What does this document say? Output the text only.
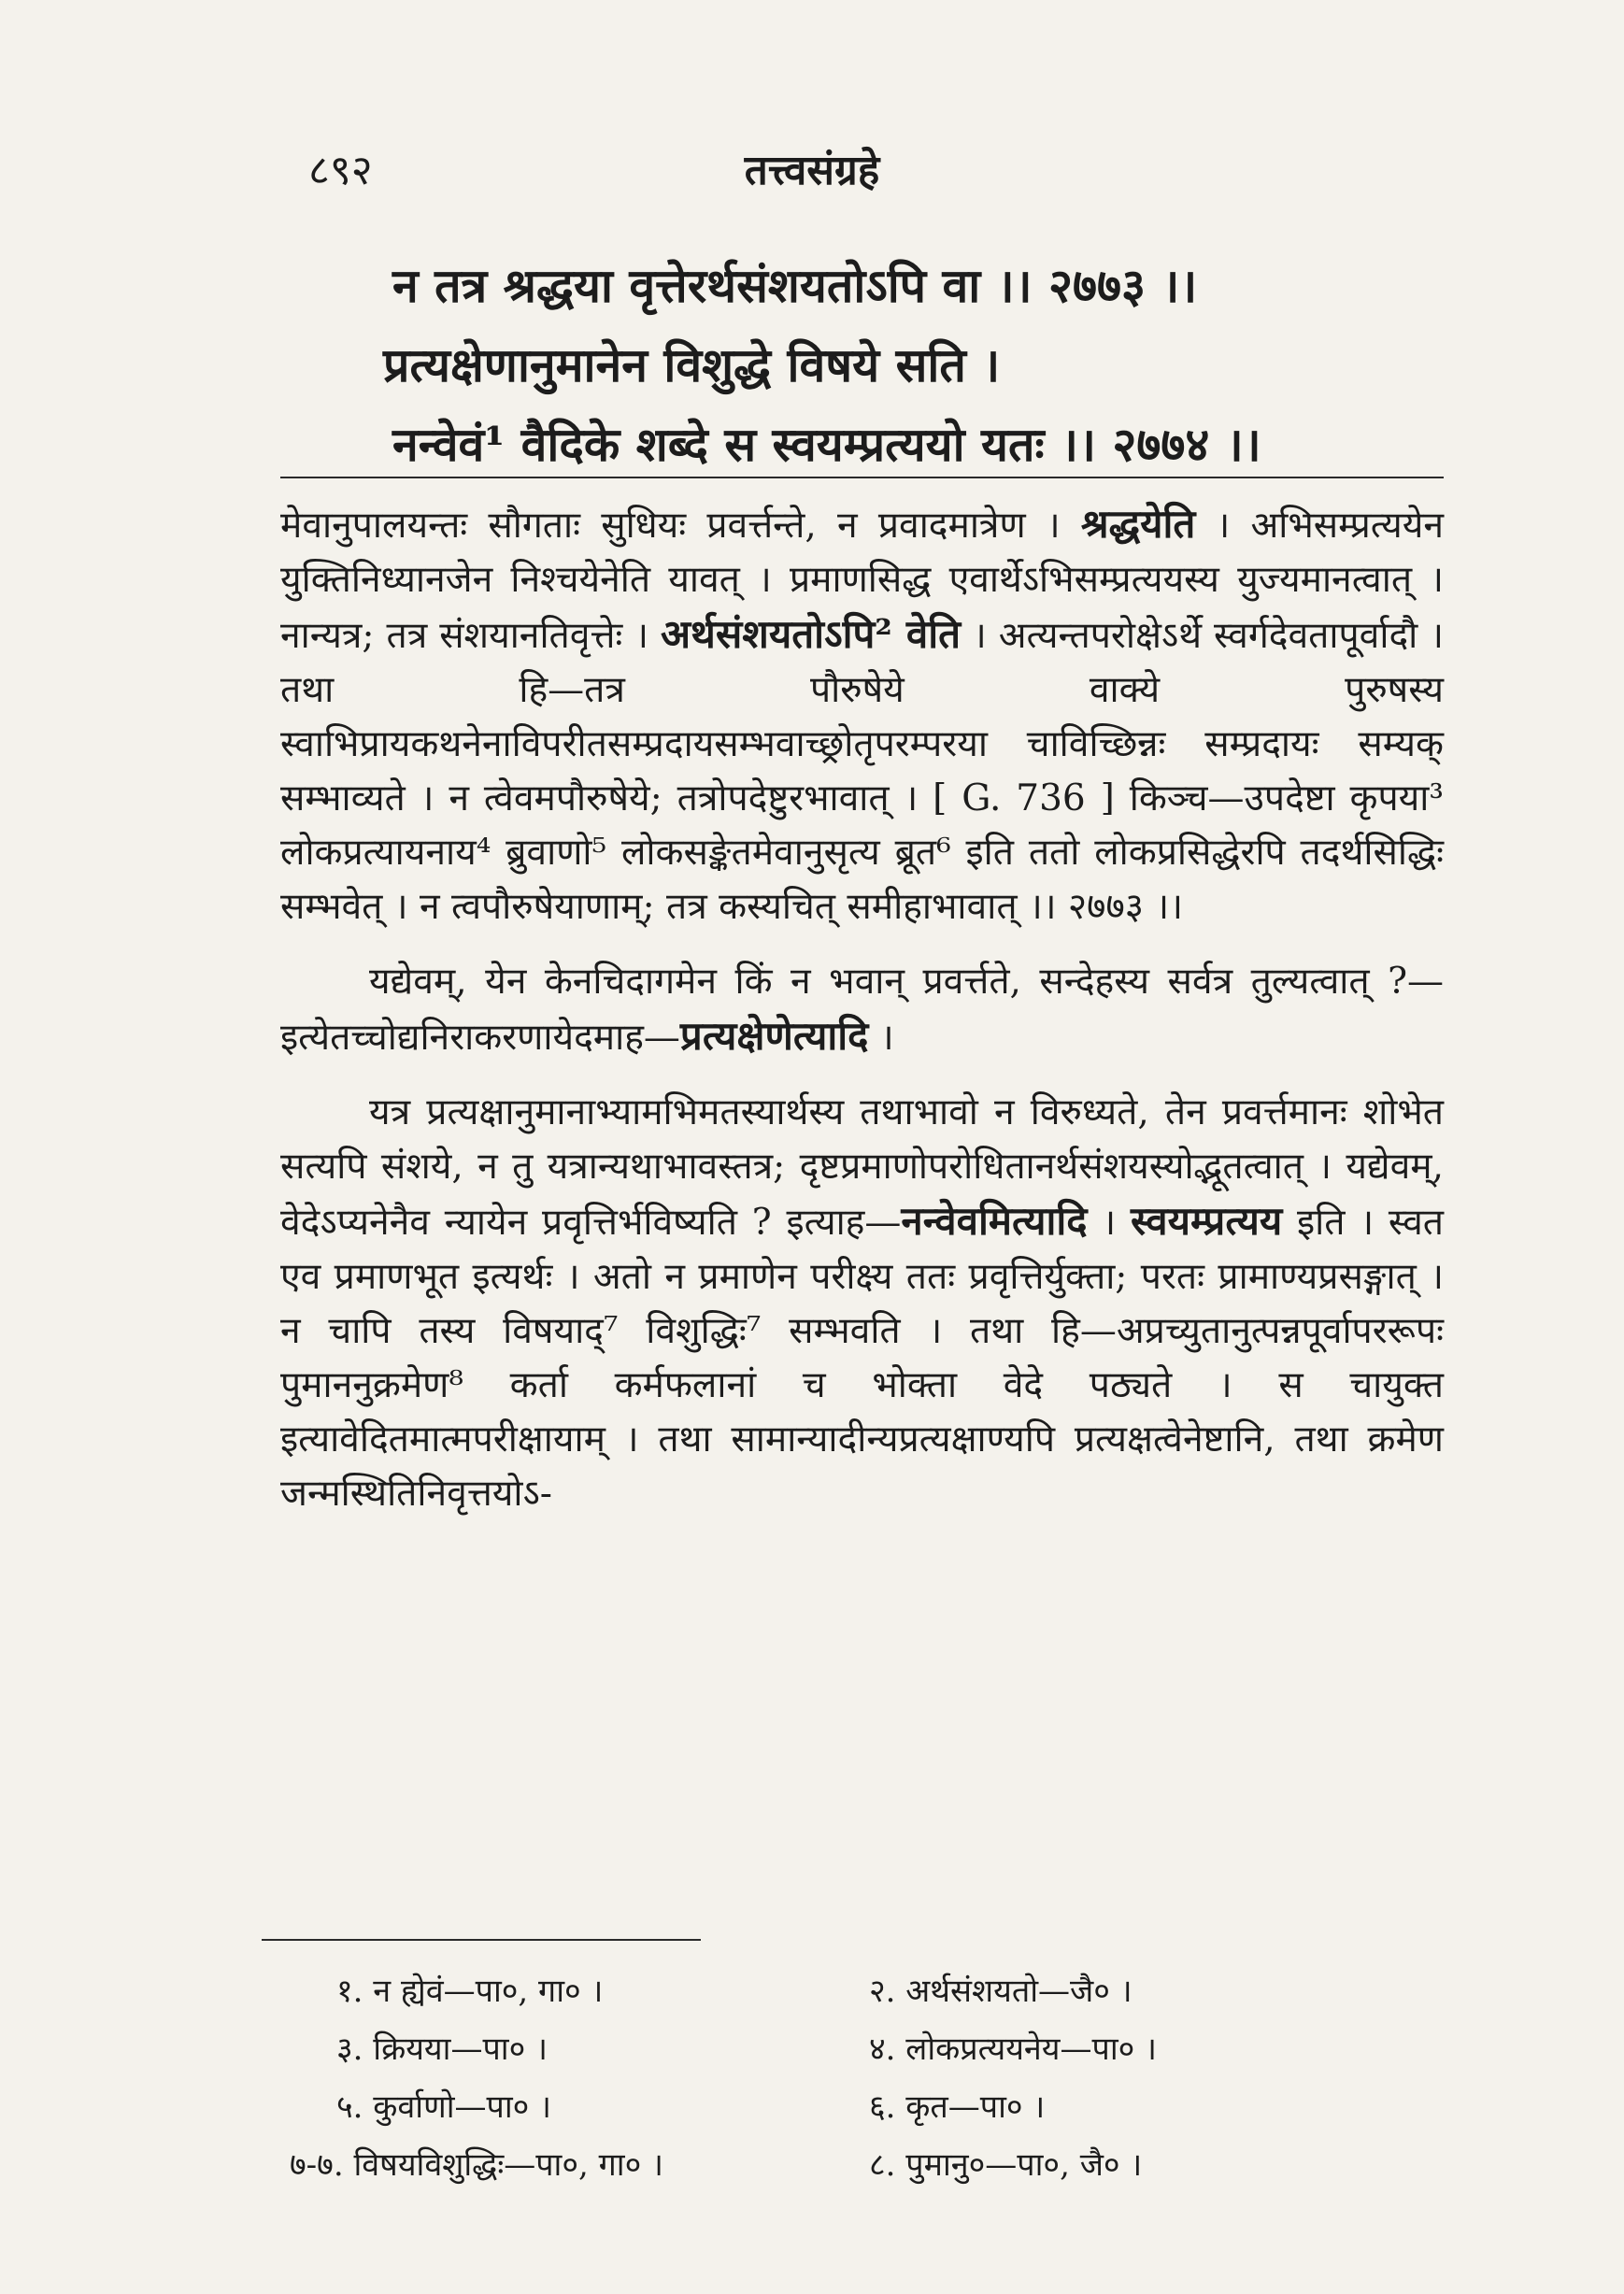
८९२	तत्त्वसंग्रहे
न तत्र श्रद्धया वृत्तेरर्थसंशयतोऽपि वा ।। २७७३ ।।
प्रत्यक्षेणानुमानेन विशुद्धे विषये सति ।
नन्वेवं¹ वैदिके शब्दे स स्वयम्प्रत्ययो यतः ।। २७७४ ।।

मेवानुपालयन्तः सौगताः सुधियः प्रवर्त्तन्ते, न प्रवादमात्रेण । श्रद्धयेति । अभिसम्प्रत्ययेन युक्तिनिध्यानजेन निश्चयेनेति यावत् । प्रमाणसिद्ध एवार्थेऽभिसम्प्रत्ययस्य युज्यमानत्वात् । नान्यत्र; तत्र संशयानतिवृत्तेः । अर्थसंशयतोऽपि² वेति । अत्यन्तपरोक्षेऽर्थे स्वर्गदेवतापूर्वादौ । तथा हि—तत्र पौरुषेये वाक्ये पुरुषस्य स्वाभिप्रायकथनेनाविपरीतसम्प्रदायसम्भवाच्छ्रोतृपरम्परया चाविच्छिन्नः सम्प्रदायः सम्यक् सम्भाव्यते । न त्वेवमपौरुषेये; तत्रोपदेष्टुरभावात् । [ G. 736 ] किञ्च—उपदेष्टा कृपया³ लोकप्रत्यायनाय⁴ ब्रुवाणो⁵ लोकसङ्केतमेवानुसृत्य ब्रूत⁶ इति ततो लोकप्रसिद्धेरपि तदर्थसिद्धिः सम्भवेत् । न त्वपौरुषेयाणाम्; तत्र कस्यचित् समीहाभावात् ।। २७७३ ।।

यद्येवम्, येन केनचिदागमेन किं न भवान् प्रवर्त्तते, सन्देहस्य सर्वत्र तुल्यत्वात् ?—इत्येतच्चोद्यनिराकरणायेदमाह—प्रत्यक्षेणेत्यादि ।

यत्र प्रत्यक्षानुमानाभ्यामभिमतस्यार्थस्य तथाभावो न विरुध्यते, तेन प्रवर्त्तमानः शोभेत सत्यपि संशये, न तु यत्रान्यथाभावस्तत्र; दृष्टप्रमाणोपरोधितानर्थसंशयस्योद्भूतत्वात् । यद्येवम्, वेदेऽप्यनेनैव न्यायेन प्रवृत्तिर्भविष्यति ? इत्याह—नन्वेवमित्यादि । स्वयम्प्रत्यय इति । स्वत एव प्रमाणभूत इत्यर्थः । अतो न प्रमाणेन परीक्ष्य ततः प्रवृत्तिर्युक्ता; परतः प्रामाण्यप्रसङ्गात् । न चापि तस्य विषयाद्⁷ विशुद्धिः⁷ सम्भवति । तथा हि—अप्रच्युतानुत्पन्नपूर्वापररूपः पुमाननुक्रमेण⁸ कर्ता कर्मफलानां च भोक्ता वेदे पठ्यते । स चायुक्त इत्यावेदितमात्मपरीक्षायाम् । तथा सामान्यादीन्यप्रत्यक्षाण्यपि प्रत्यक्षत्वेनेष्टानि, तथा क्रमेण जन्मस्थितिनिवृत्तयोऽ-

१. न ह्येवं—पा०, गा० ।	२. अर्थसंशयतो—जै० ।
३. क्रियया—पा० ।	४. लोकप्रत्ययनेय—पा० ।
५. कुर्वाणो—पा० ।	६. कृत—पा० ।
७-७. विषयविशुद्धिः—पा०, गा० ।	८. पुमानु०—पा०, जै० ।
